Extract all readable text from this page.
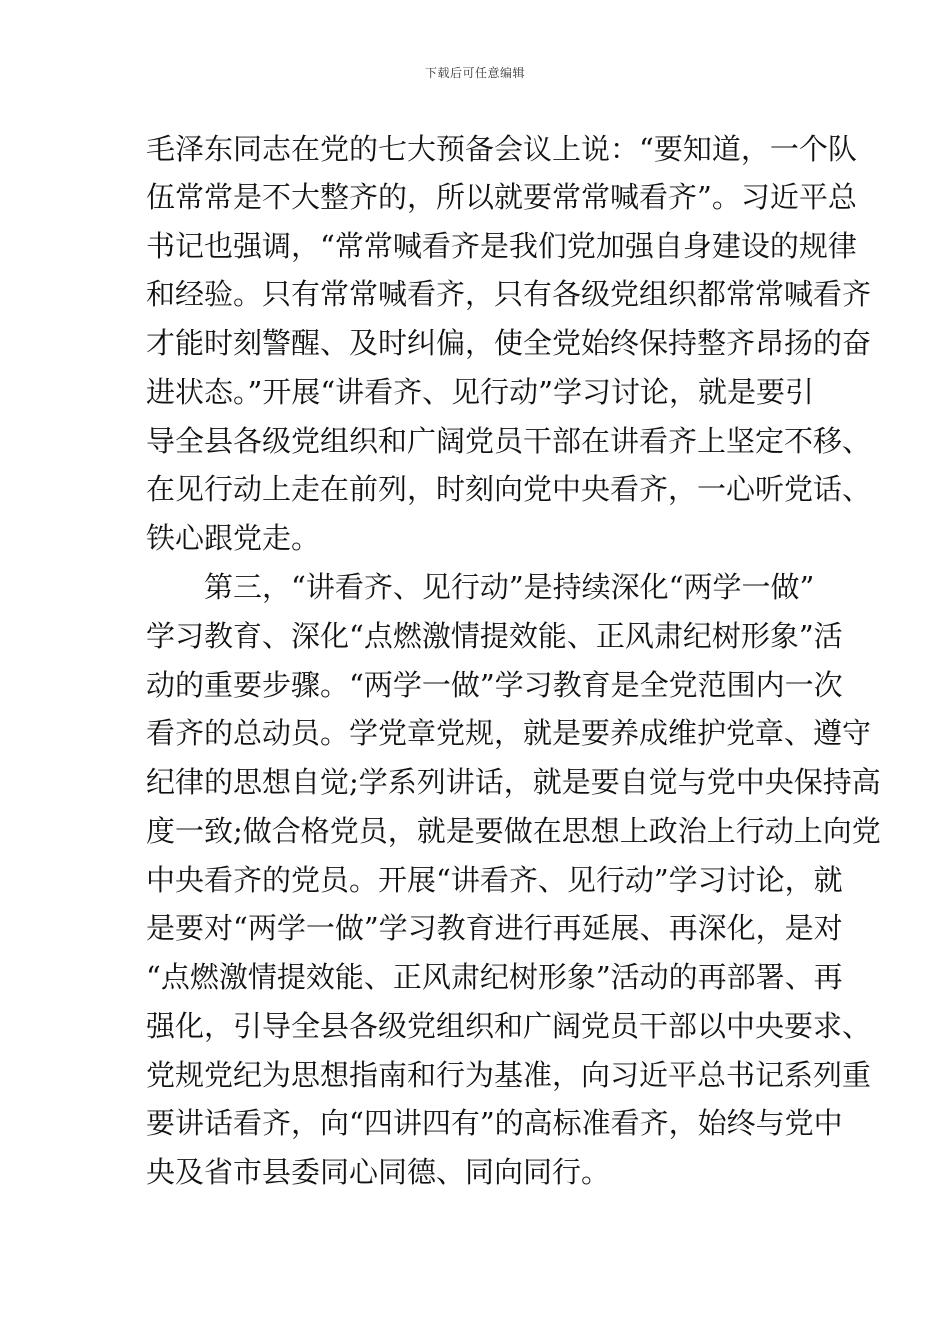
下载后可任意编辑
毛泽东同志在党的七大预备会议上说：“要知道，一个队
伍常常是不大整齐的，所以就要常常喊看齐”。习近平总
书记也强调，“常常喊看齐是我们党加强自身建设的规律
和经验。只有常常喊看齐，只有各级党组织都常常喊看齐
才能时刻警醒、及时纠偏，使全党始终保持整齐昂扬的奋
进状态。”开展“讲看齐、见行动”学习讨论，就是要引
导全县各级党组织和广阔党员干部在讲看齐上坚定不移、
在见行动上走在前列，时刻向党中央看齐，一心听党话、
铁心跟党走。
第三，“讲看齐、见行动”是持续深化“两学一做”
学习教育、深化“点燃激情提效能、正风肃纪树形象”活
动的重要步骤。“两学一做”学习教育是全党范围内一次
看齐的总动员。学党章党规，就是要养成维护党章、遵守
纪律的思想自觉;学系列讲话，就是要自觉与党中央保持高
度一致;做合格党员，就是要做在思想上政治上行动上向党
中央看齐的党员。开展“讲看齐、见行动”学习讨论，就
是要对“两学一做”学习教育进行再延展、再深化，是对
“点燃激情提效能、正风肃纪树形象”活动的再部署、再
强化，引导全县各级党组织和广阔党员干部以中央要求、
党规党纪为思想指南和行为基准，向习近平总书记系列重
要讲话看齐，向“四讲四有”的高标准看齐，始终与党中
央及省市县委同心同德、同向同行。
